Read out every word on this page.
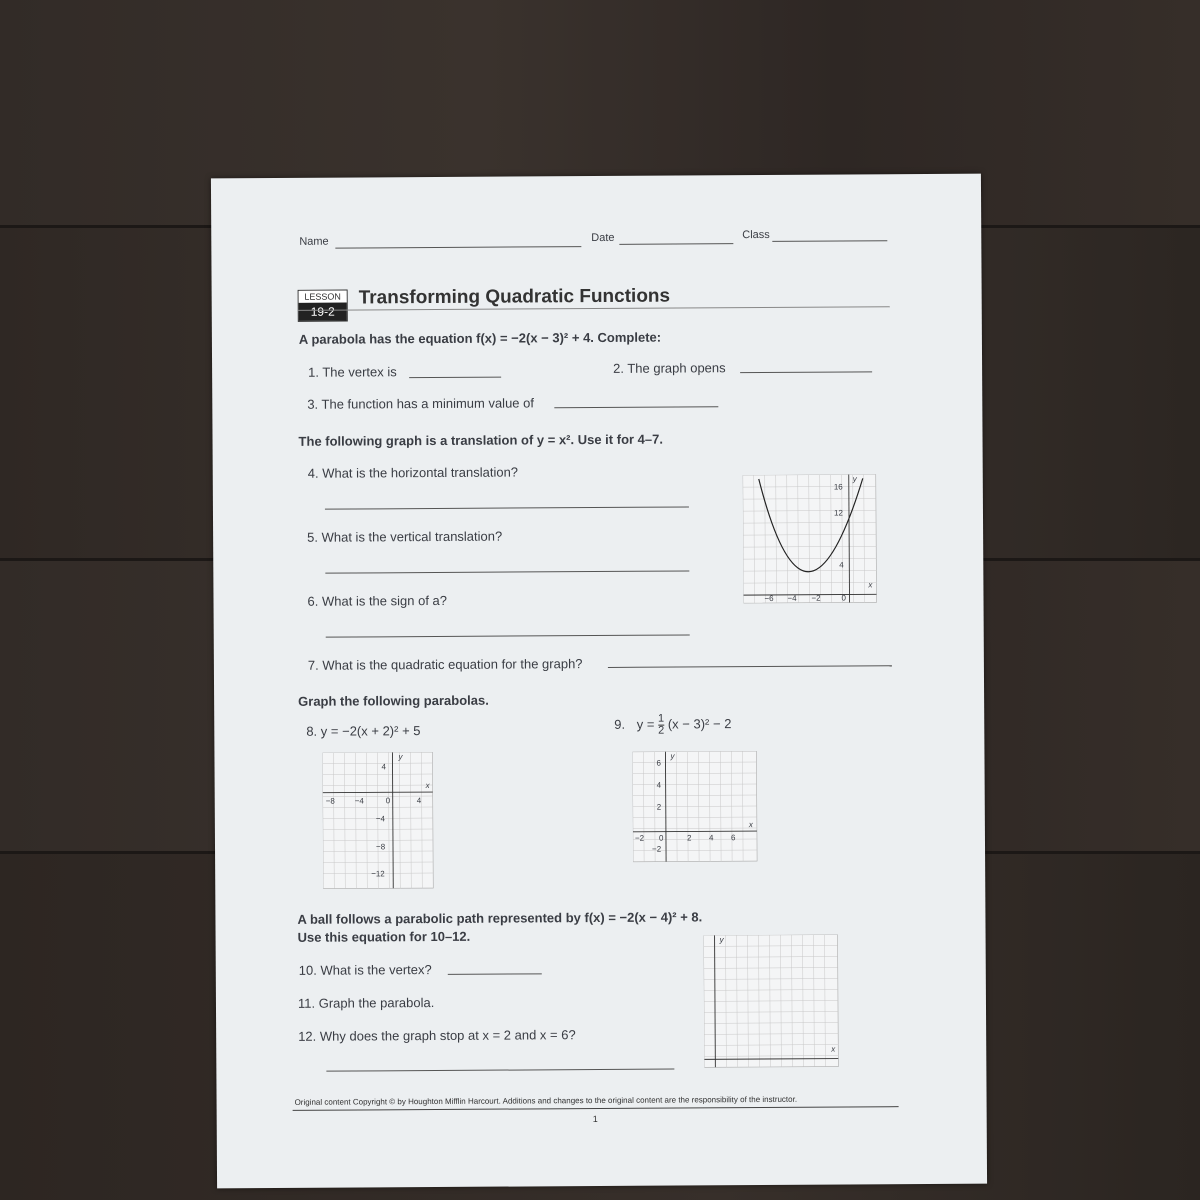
Name	Date	Class
LESSON
19-2
Transforming Quadratic Functions
A parabola has the equation f(x) = −2(x − 3)² + 4. Complete:
1. The vertex is	2. The graph opens
3. The function has a minimum value of
The following graph is a translation of y = x². Use it for 4–7.
4. What is the horizontal translation?
5. What is the vertical translation?
6. What is the sign of a?
7. What is the quadratic equation for the graph?
−6 −4 −2	0
16
12
4
x
y
Graph the following parabolas.
8. y = −2(x + 2)² + 5	9. $y = \frac{1}{2} (x - 3)^2 - 2$
−8 −4	0	4
4
−4
−8
−12
x
y
−2 0	2 4 6
6
4
2
−2
x
y
A ball follows a parabolic path represented by f(x) = −2(x − 4)² + 8.
Use this equation for 10–12.
10. What is the vertex?
11. Graph the parabola.
12. Why does the graph stop at x = 2 and x = 6?
x
y
Original content Copyright © by Houghton Mifflin Harcourt. Additions and changes to the original content are the responsibility of the instructor.
1
